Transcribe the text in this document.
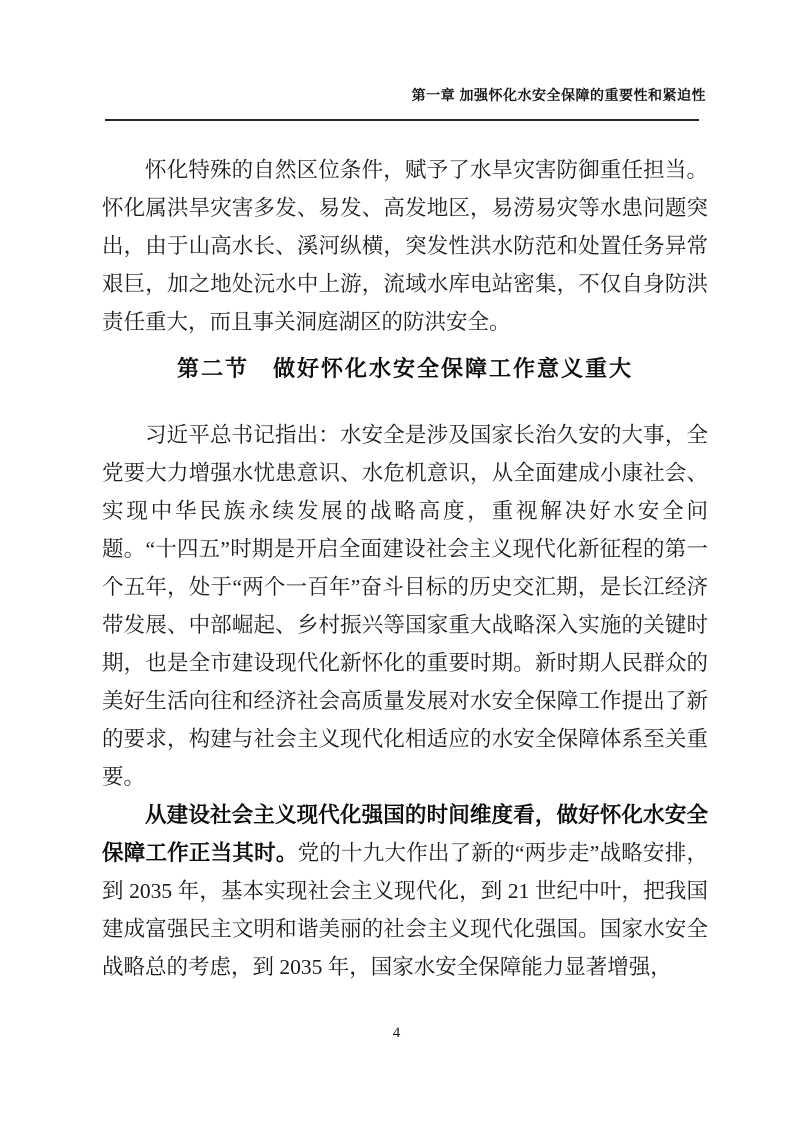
第一章 加强怀化水安全保障的重要性和紧迫性

怀化特殊的自然区位条件，赋予了水旱灾害防御重任担当。怀化属洪旱灾害多发、易发、高发地区，易涝易灾等水患问题突出，由于山高水长、溪河纵横，突发性洪水防范和处置任务异常艰巨，加之地处沅水中上游，流域水库电站密集，不仅自身防洪责任重大，而且事关洞庭湖区的防洪安全。

第二节　做好怀化水安全保障工作意义重大

习近平总书记指出：水安全是涉及国家长治久安的大事，全党要大力增强水忧患意识、水危机意识，从全面建成小康社会、实现中华民族永续发展的战略高度，重视解决好水安全问题。“十四五”时期是开启全面建设社会主义现代化新征程的第一个五年，处于“两个一百年”奋斗目标的历史交汇期，是长江经济带发展、中部崛起、乡村振兴等国家重大战略深入实施的关键时期，也是全市建设现代化新怀化的重要时期。新时期人民群众的美好生活向往和经济社会高质量发展对水安全保障工作提出了新的要求，构建与社会主义现代化相适应的水安全保障体系至关重要。

从建设社会主义现代化强国的时间维度看，做好怀化水安全保障工作正当其时。党的十九大作出了新的“两步走”战略安排，到 2035 年，基本实现社会主义现代化，到 21 世纪中叶，把我国建成富强民主文明和谐美丽的社会主义现代化强国。国家水安全战略总的考虑，到 2035 年，国家水安全保障能力显著增强，

4
